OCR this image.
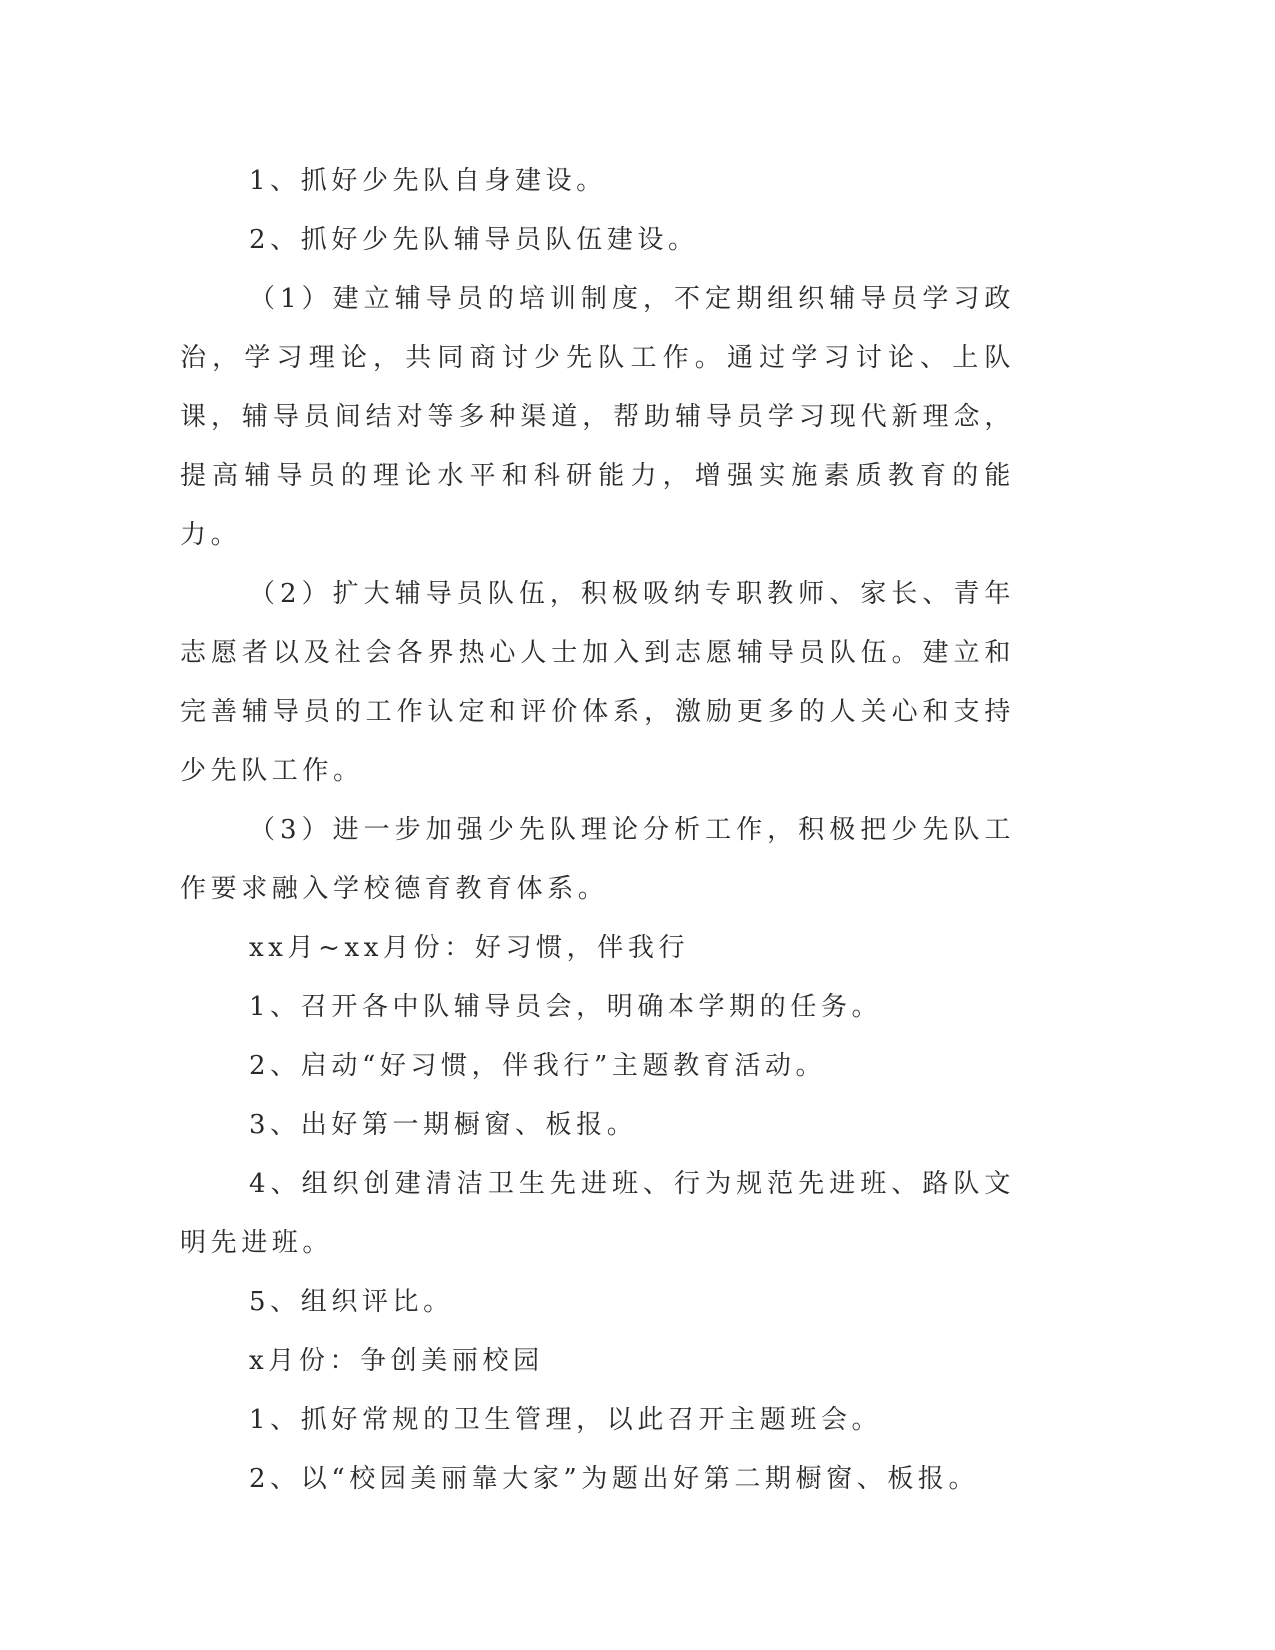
1、抓好少先队自身建设。

2、抓好少先队辅导员队伍建设。

（1）建立辅导员的培训制度，不定期组织辅导员学习政治，学习理论，共同商讨少先队工作。通过学习讨论、上队课，辅导员间结对等多种渠道，帮助辅导员学习现代新理念，提高辅导员的理论水平和科研能力，增强实施素质教育的能力。

（2）扩大辅导员队伍，积极吸纳专职教师、家长、青年志愿者以及社会各界热心人士加入到志愿辅导员队伍。建立和完善辅导员的工作认定和评价体系，激励更多的人关心和支持少先队工作。

（3）进一步加强少先队理论分析工作，积极把少先队工作要求融入学校德育教育体系。

xx月~xx月份：好习惯，伴我行

1、召开各中队辅导员会，明确本学期的任务。

2、启动“好习惯，伴我行”主题教育活动。

3、出好第一期橱窗、板报。

4、组织创建清洁卫生先进班、行为规范先进班、路队文明先进班。

5、组织评比。

x月份：争创美丽校园

1、抓好常规的卫生管理，以此召开主题班会。

2、以“校园美丽靠大家”为题出好第二期橱窗、板报。
